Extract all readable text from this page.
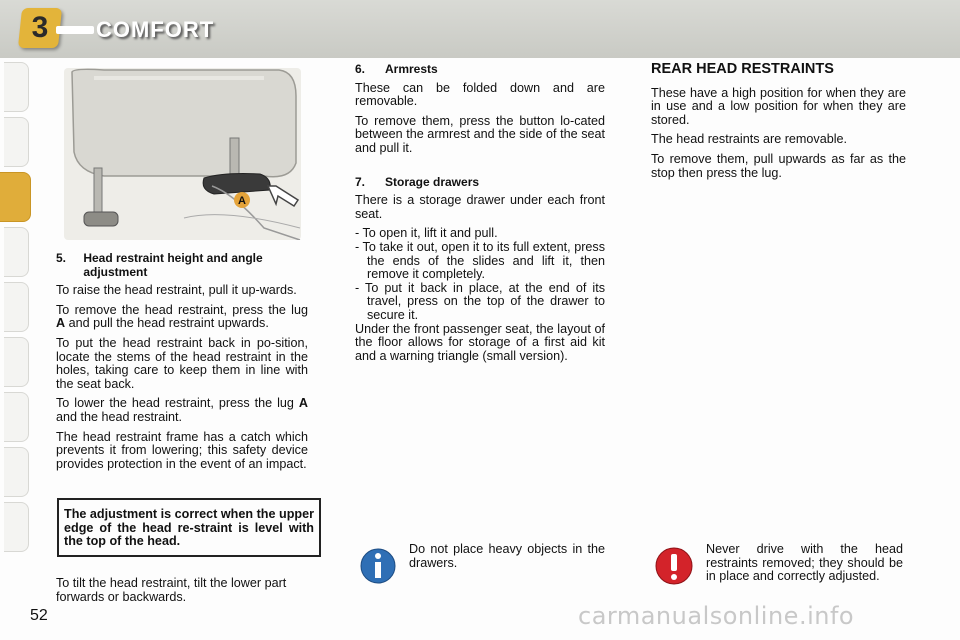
3	COMFORT
A
5.	Head restraint height and angle adjustment

To raise the head restraint, pull it up-wards.

To remove the head restraint, press the lug A and pull the head restraint upwards.

To put the head restraint back in po-sition, locate the stems of the head restraint in the holes, taking care to keep them in line with the seat back.

To lower the head restraint, press the lug A and the head restraint.

The head restraint frame has a catch which prevents it from lowering; this safety device provides protection in the event of an impact.

The adjustment is correct when the upper edge of the head re-straint is level with the top of the head.
To tilt the head restraint, tilt the lower part forwards or backwards.
6. Armrests

These can be folded down and are removable.

To remove them, press the button lo-cated between the armrest and the side of the seat and pull it.

7. Storage drawers

There is a storage drawer under each front seat.

- To open it, lift it and pull.

- To take it out, open it to its full extent, press the ends of the slides and lift it, then remove it completely.

- To put it back in place, at the end of its travel, press on the top of the drawer to secure it.

Under the front passenger seat, the layout of the floor allows for storage of a first aid kit and a warning triangle (small version).

REAR HEAD RESTRAINTS

These have a high position for when they are in use and a low position for when they are stored.

The head restraints are removable.

To remove them, pull upwards as far as the stop then press the lug.

Do not place heavy objects in the drawers.
Never drive with the head restraints removed; they should be in place and correctly adjusted.
52	carmanualsonline.info
